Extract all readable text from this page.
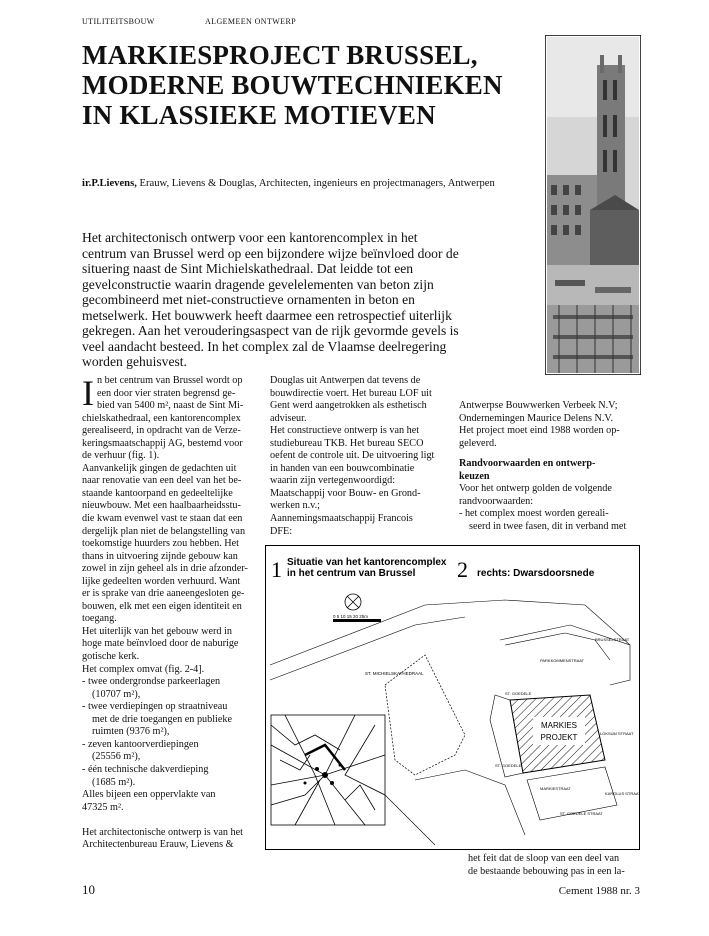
UTILITEITSBOUW	ALGEMEEN ONTWERP
MARKIESPROJECT BRUSSEL,
MODERNE BOUWTECHNIEKEN
IN KLASSIEKE MOTIEVEN
ir.P.Lievens, Erauw, Lievens & Douglas, Architecten, ingenieurs en projectmanagers, Antwerpen
Het architectonisch ontwerp voor een kantorencomplex in het
centrum van Brussel werd op een bijzondere wijze beïnvloed door de
situering naast de Sint Michielskathedraal. Dat leidde tot een
gevelconstructie waarin dragende gevelelementen van beton zijn
gecombineerd met niet-constructieve ornamenten in beton en
metselwerk. Het bouwwerk heeft daarmee een retrospectief uiterlijk
gekregen. Aan het verouderingsaspect van de rijk gevormde gevels is
veel aandacht besteed. In het complex zal de Vlaamse deelregering
worden gehuisvest.
I n bet centrum van Brussel wordt op
een door vier straten begrensd ge-
bied van 5400 m², naast de Sint Mi-
chielskathedraal, een kantorencomplex
gerealiseerd, in opdracht van de Verze-
keringsmaatschappij AG, bestemd voor
de verhuur (fig. 1).
Aanvankelijk gingen de gedachten uit
naar renovatie van een deel van het be-
staande kantoorpand en gedeeltelijke
nieuwbouw. Met een haalbaarheidsstu-
die kwam evenwel vast te staan dat een
dergelijk plan niet de belangstelling van
toekomstige huurders zou hebben. Het
thans in uitvoering zijnde gebouw kan
zowel in zijn geheel als in drie afzonder-
lijke gedeelten worden verhuurd. Want
er is sprake van drie aaneengesloten ge-
bouwen, elk met een eigen identiteit en
toegang.
Het uiterlijk van het gebouw werd in
hoge mate beïnvloed door de naburige
gotische kerk.
Het complex omvat (fig. 2-4].
- twee ondergrondse parkeerlagen
(10707 m²),
- twee verdiepingen op straatniveau
met de drie toegangen en publieke
ruimten (9376 m²),
- zeven kantoorverdiepingen
(25556 m²),
- één technische dakverdieping
(1685 m²).
Alles bijeen een oppervlakte van
47325 m².

Het architectonische ontwerp is van het
Architectenbureau Erauw, Lievens &
Douglas uit Antwerpen dat tevens de
bouwdirectie voert. Het bureau LOF uit
Gent werd aangetrokken als esthetisch
adviseur.
Het constructieve ontwerp is van het
studiebureau TKB. Het bureau SECO
oefent de controle uit. De uitvoering ligt
in handen van een bouwcombinatie
waarin zijn vertegenwoordigd:
Maatschappij voor Bouw- en Grond-
werken n.v.;
Aannemingsmaatschappij Francois
DFE:
Antwerpse Bouwwerken Verbeek N.V;
Ondernemingen Maurice Delens N.V.
Het project moet eind 1988 worden op-
geleverd.
Randvoorwaarden en ontwerp-
keuzen
Voor het ontwerp golden de volgende
randvoorwaarden:
- het complex moest worden gereali-
seerd in twee fasen, dit in verband met
1 Situatie van het kantorencomplex
in het centrum van Brussel 2 rechts: Dwarsdoorsnede
0 5 10 15 20 25m
ST. MICHIELSKATHEDRAAL
BRUSSELSTRAAT
PARKKOMMENSTRAAT
ST. GOEDELE
LOKSUM STRAAT
ST. GOEDELE
MARKIESTRAAT
ST. GOEDELE STRAAT
KAROLUS STRAAT
MARKIES
PROJEKT
het feit dat de sloop van een deel van
de bestaande bebouwing pas in een la-
10	Cement 1988 nr. 3
